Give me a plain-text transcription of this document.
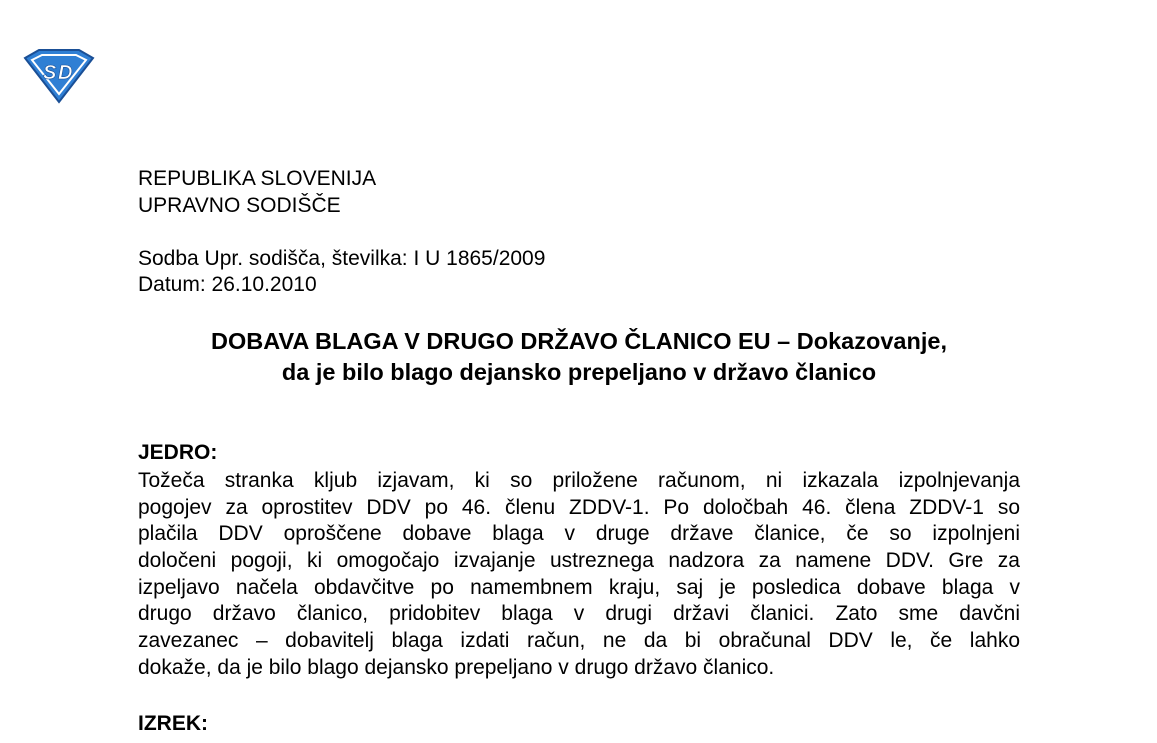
S D
REPUBLIKA SLOVENIJA
UPRAVNO SODIŠČE
Sodba Upr. sodišča, številka: I U 1865/2009
Datum: 26.10.2010
DOBAVA BLAGA V DRUGO DRŽAVO ČLANICO EU – Dokazovanje,
da je bilo blago dejansko prepeljano v državo članico
JEDRO:
Tožeča stranka kljub izjavam, ki so priložene računom, ni izkazala izpolnjevanja
pogojev za oprostitev DDV po 46. členu ZDDV-1. Po določbah 46. člena ZDDV-1 so
plačila DDV oproščene dobave blaga v druge države članice, če so izpolnjeni
določeni pogoji, ki omogočajo izvajanje ustreznega nadzora za namene DDV. Gre za
izpeljavo načela obdavčitve po namembnem kraju, saj je posledica dobave blaga v
drugo državo članico, pridobitev blaga v drugi državi članici. Zato sme davčni
zavezanec – dobavitelj blaga izdati račun, ne da bi obračunal DDV le, če lahko
dokaže, da je bilo blago dejansko prepeljano v drugo državo članico.
IZREK:
